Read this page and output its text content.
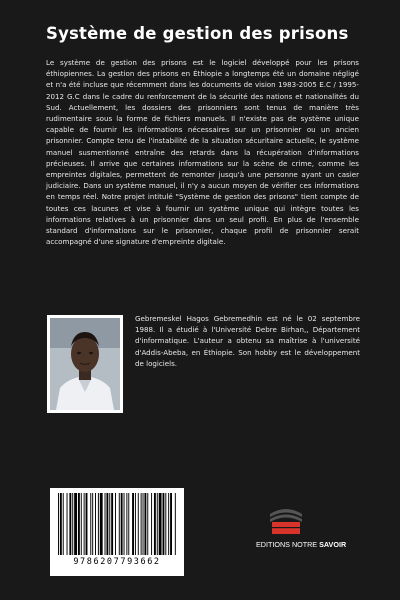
Système de gestion des prisons
Le système de gestion des prisons est le logiciel développé pour les prisons éthiopiennes. La gestion des prisons en Éthiopie a longtemps été un domaine négligé et n'a été incluse que récemment dans les documents de vision 1983-2005 E.C / 1995-2012 G.C dans le cadre du renforcement de la sécurité des nations et nationalités du Sud. Actuellement, les dossiers des prisonniers sont tenus de manière très rudimentaire sous la forme de fichiers manuels. Il n'existe pas de système unique capable de fournir les informations nécessaires sur un prisonnier ou un ancien prisonnier. Compte tenu de l'instabilité de la situation sécuritaire actuelle, le système manuel susmentionné entraîne des retards dans la récupération d'informations précieuses. Il arrive que certaines informations sur la scène de crime, comme les empreintes digitales, permettent de remonter jusqu'à une personne ayant un casier judiciaire. Dans un système manuel, il n'y a aucun moyen de vérifier ces informations en temps réel. Notre projet intitulé "Système de gestion des prisons" tient compte de toutes ces lacunes et vise à fournir un système unique qui intègre toutes les informations relatives à un prisonnier dans un seul profil. En plus de l'ensemble standard d'informations sur le prisonnier, chaque profil de prisonnier serait accompagné d'une signature d'empreinte digitale.
Gebremeskel Hagos Gebremedhin est né le 02 septembre 1988. Il a étudié à l'Université Debre Birhan,, Département d'informatique. L'auteur a obtenu sa maîtrise à l'université d'Addis-Abeba, en Éthiopie. Son hobby est le développement de logiciels.
9786207793662
EDITIONS NOTRE SAVOIR
